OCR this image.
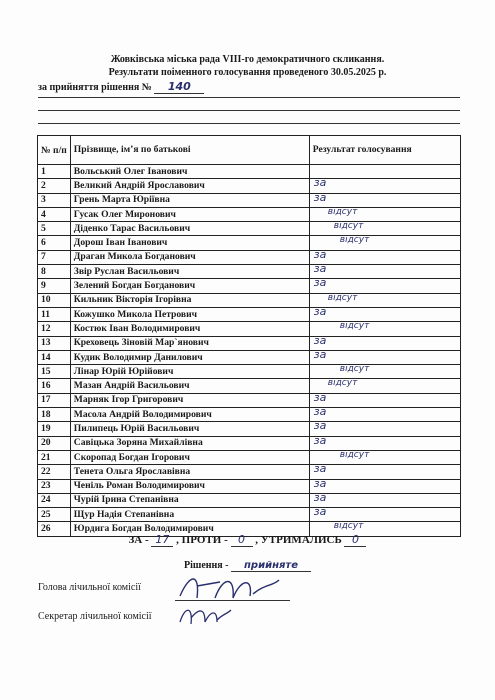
Жовківська міська рада VIII-го демократичного скликання.
Результати поіменного голосування проведеного 30.05.2025 р.
за прийняття рішення № 140
№ п/п	Прізвище, ім’я по батькові	Результат голосування
1	Вольський Олег Іванович	

2	Великий Андрій Ярославович	за

3	Грень Марта Юріївна	за

4	Гусак Олег Миронович	відсут

5	Діденко Тарас Васильович	відсут

6	Дорош Іван Іванович	відсут

7	Драган Микола Богданович	за

8	Звір Руслан Васильович	за

9	Зелений Богдан Богданович	за

10	Кильник Вікторія Ігорівна	відсут

11	Кожушко Микола Петрович	за

12	Костюк Іван Володимирович	відсут

13	Креховець Зіновій Мар`янович	за

14	Кудик Володимир Данилович	за

15	Лінар Юрій Юрійович	відсут

16	Мазан Андрій Васильович	відсут

17	Марняк Ігор Григорович	за

18	Масола Андрій Володимирович	за

19	Пилипець Юрій Васильович	за

20	Савіцька Зоряна Михайлівна	за

21	Скоропад Богдан Ігорович	відсут

22	Тенета Ольга Ярославівна	за

23	Ченіль Роман Володимирович	за

24	Чурій Ірина Степанівна	за

25	Щур Надія Степанівна	за

26	Юрдига Богдан Володимирович	відсут
ЗА - 17 , ПРОТИ - 0 , УТРИМАЛИСЬ 0
Рішення - прийняте
Голова лічильної комісії
Секретар лічильної комісії
